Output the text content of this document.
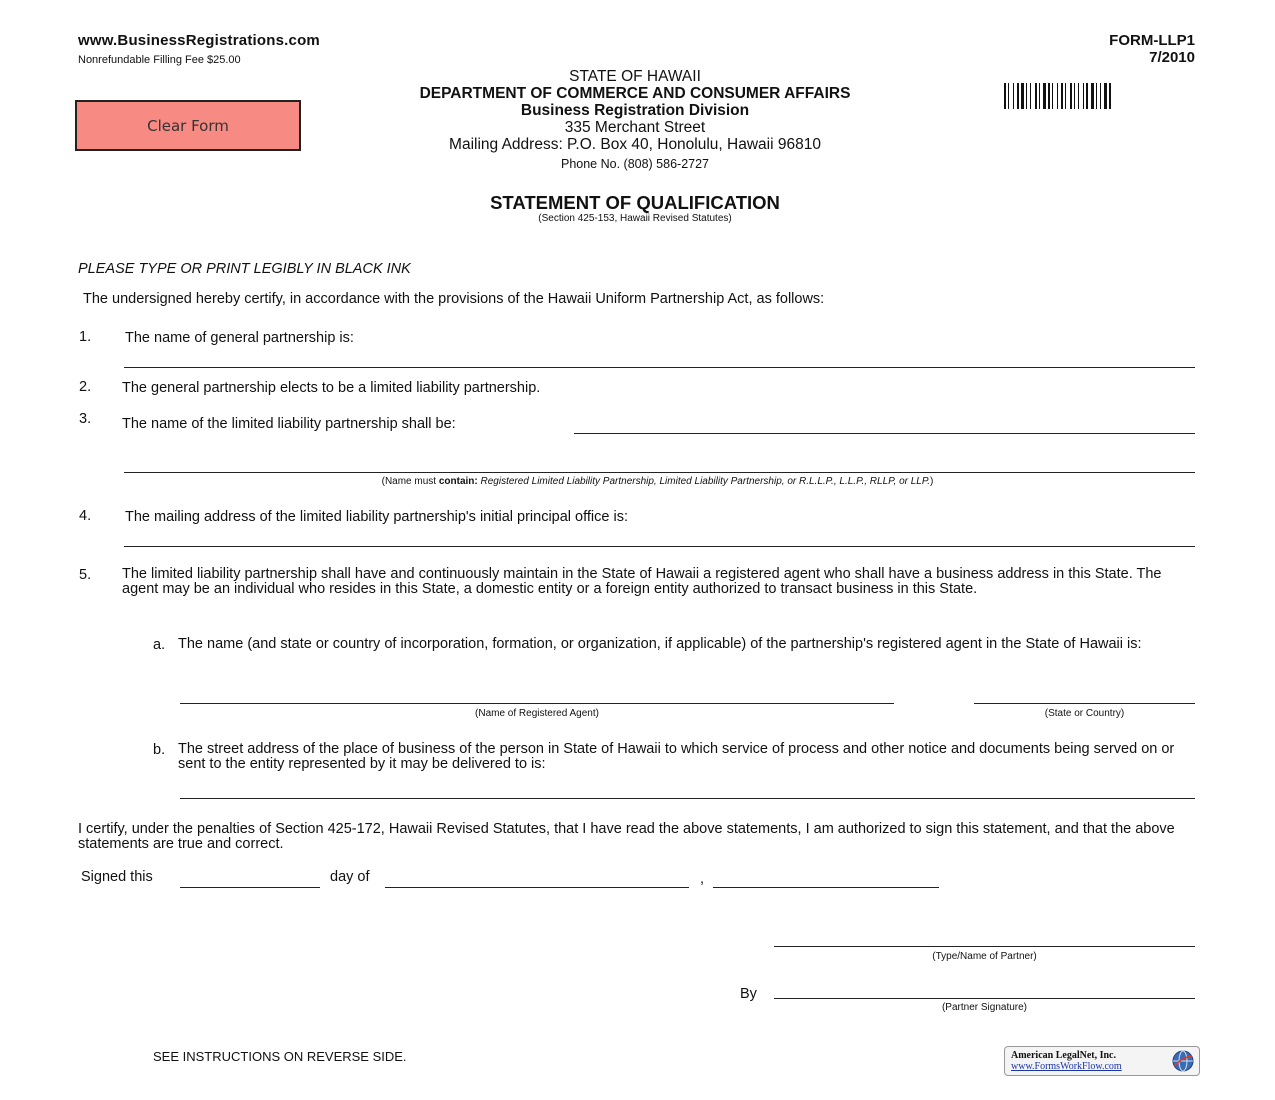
www.BusinessRegistrations.com
Nonrefundable Filling Fee $25.00
FORM-LLP1
7/2010
Clear Form
STATE OF HAWAII
DEPARTMENT OF COMMERCE AND CONSUMER AFFAIRS
Business Registration Division
335 Merchant Street
Mailing Address: P.O. Box 40, Honolulu, Hawaii 96810
Phone No. (808) 586-2727
STATEMENT OF QUALIFICATION
(Section 425-153, Hawaii Revised Statutes)
PLEASE TYPE OR PRINT LEGIBLY IN BLACK INK
The undersigned hereby certify, in accordance with the provisions of the Hawaii Uniform Partnership Act, as follows:
1. The name of general partnership is:
2. The general partnership elects to be a limited liability partnership.
3. The name of the limited liability partnership shall be:
(Name must contain: Registered Limited Liability Partnership, Limited Liability Partnership, or R.L.L.P., L.L.P., RLLP, or LLP.)
4. The mailing address of the limited liability partnership's initial principal office is:
5. The limited liability partnership shall have and continuously maintain in the State of Hawaii a registered agent who shall have a business address in this State. The agent may be an individual who resides in this State, a domestic entity or a foreign entity authorized to transact business in this State.
a. The name (and state or country of incorporation, formation, or organization, if applicable) of the partnership's registered agent in the State of Hawaii is:
(Name of Registered Agent)	(State or Country)
b. The street address of the place of business of the person in State of Hawaii to which service of process and other notice and documents being served on or sent to the entity represented by it may be delivered to is:
I certify, under the penalties of Section 425-172, Hawaii Revised Statutes, that I have read the above statements, I am authorized to sign this statement, and that the above statements are true and correct.
Signed this	day of	,
(Type/Name of Partner)
By
(Partner Signature)
SEE INSTRUCTIONS ON REVERSE SIDE.	American LegalNet, Inc.
www.FormsWorkFlow.com
